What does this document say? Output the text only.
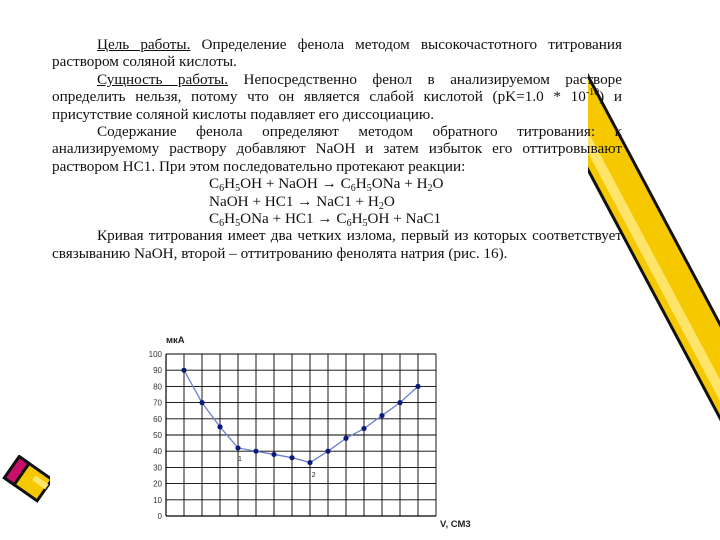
Цель работы. Определение фенола методом высокочастотного титрования раствором соляной кислоты.

Сущность работы. Непосредственно фенол в анализируемом растворе определить нельзя, потому что он является слабой кислотой $(pK=1.0 * 10^{-10})$ и присутствие соляной кислоты подавляет его диссоциацию.

Содержание фенола определяют методом обратного титрования: к анализируемому раствору добавляют NaOH и затем избыток его оттитровывают раствором HC1. При этом последовательно протекают реакции:

$C_6H_5OH$ + NaOH → $C_6H_5ONa + H_2O$

NaOH + $HC1 \to NaC1 + H_2O$

$C_6H_5ONa + HC1 \to C_6H_5OH + NaC1$

Кривая титрования имеет два четких излома, первый из которых соответствует связыванию NaOH, второй – оттитрованию фенолята натрия (рис. 16).

0
10
20
30
40
50
60
70
80
90
100
1
2
мкА
V, СМ3
